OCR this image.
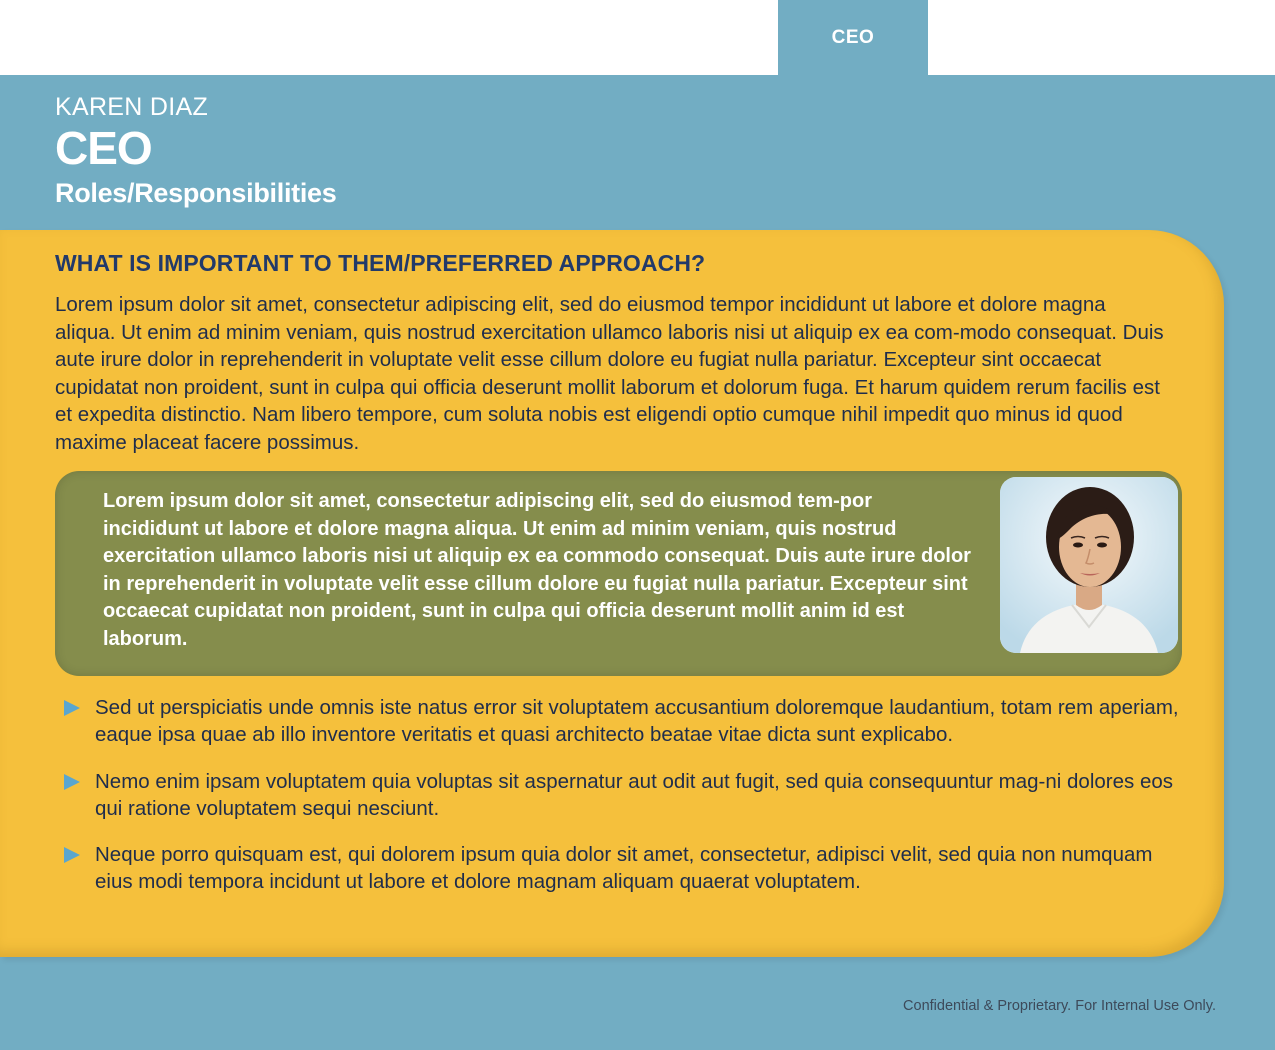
CEO
KAREN DIAZ
CEO
Roles/Responsibilities
WHAT IS IMPORTANT TO THEM/PREFERRED APPROACH?

Lorem ipsum dolor sit amet, consectetur adipiscing elit, sed do eiusmod tempor incididunt ut labore et dolore magna aliqua. Ut enim ad minim veniam, quis nostrud exercitation ullamco laboris nisi ut aliquip ex ea com-modo consequat. Duis aute irure dolor in reprehenderit in voluptate velit esse cillum dolore eu fugiat nulla pariatur. Excepteur sint occaecat cupidatat non proident, sunt in culpa qui officia deserunt mollit laborum et dolorum fuga. Et harum quidem rerum facilis est et expedita distinctio. Nam libero tempore, cum soluta nobis est eligendi optio cumque nihil impedit quo minus id quod maxime placeat facere possimus.

Lorem ipsum dolor sit amet, consectetur adipiscing elit, sed do eiusmod tem-por incididunt ut labore et dolore magna aliqua. Ut enim ad minim veniam, quis nostrud exercitation ullamco laboris nisi ut aliquip ex ea commodo consequat. Duis aute irure dolor in reprehenderit in voluptate velit esse cillum dolore eu fugiat nulla pariatur. Excepteur sint occaecat cupidatat non proident, sunt in culpa qui officia deserunt mollit anim id est laborum.

Sed ut perspiciatis unde omnis iste natus error sit voluptatem accusantium doloremque laudantium, totam rem aperiam, eaque ipsa quae ab illo inventore veritatis et quasi architecto beatae vitae dicta sunt explicabo.
Nemo enim ipsam voluptatem quia voluptas sit aspernatur aut odit aut fugit, sed quia consequuntur mag-ni dolores eos qui ratione voluptatem sequi nesciunt.
Neque porro quisquam est, qui dolorem ipsum quia dolor sit amet, consectetur, adipisci velit, sed quia non numquam eius modi tempora incidunt ut labore et dolore magnam aliquam quaerat voluptatem.
Confidential & Proprietary. For Internal Use Only.
